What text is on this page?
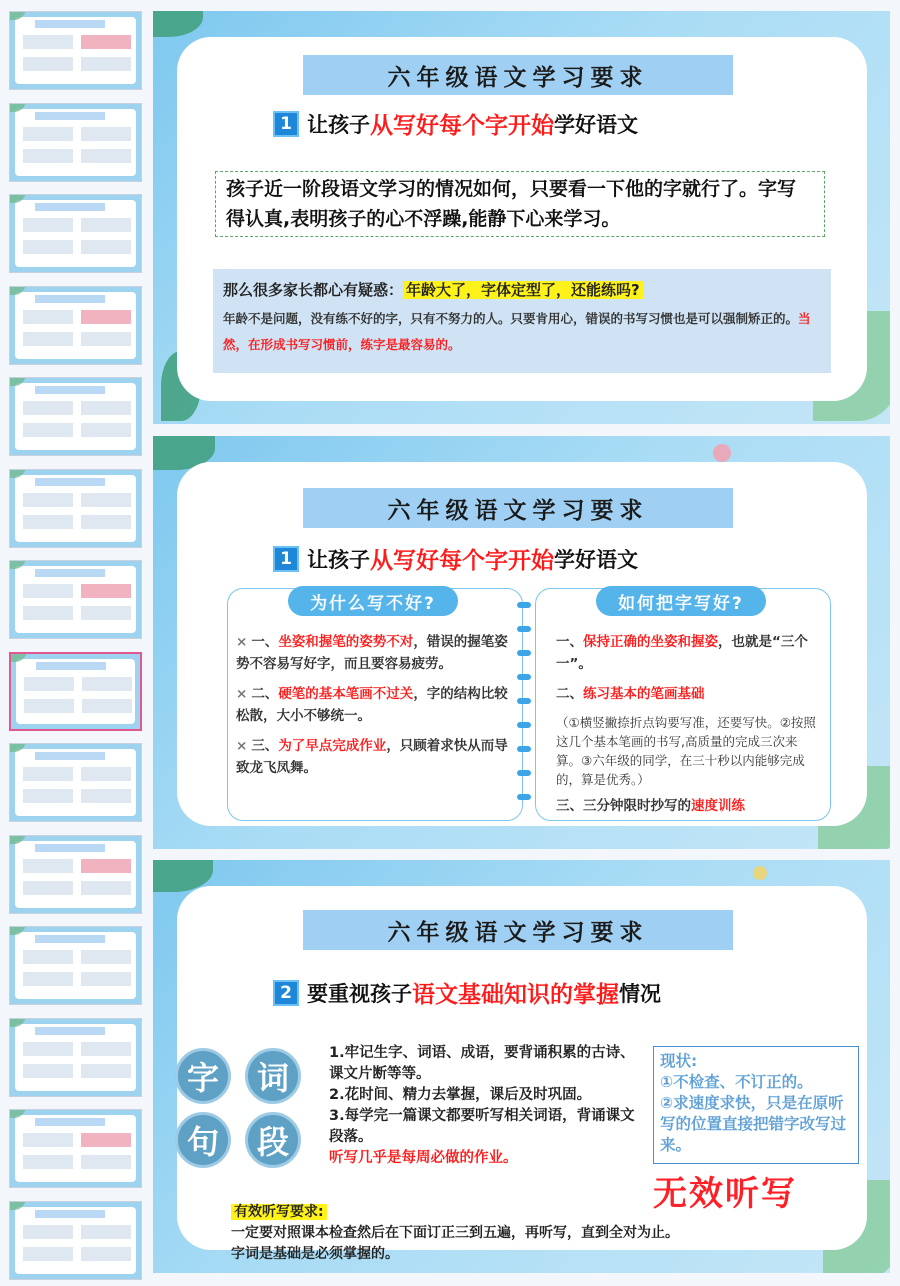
六年级语文学习要求
1 让孩子 从写好每个字开始 学好语文
孩子近一阶段语文学习的情况如何，只要看一下他的字就行了。字写得认真,表明孩子的心不浮躁,能静下心来学习。
那么很多家长都心有疑惑： 年龄大了，字体定型了，还能练吗?
年龄不是问题，没有练不好的字，只有不努力的人。只要肯用心，错误的书写习惯也是可以强制矫正的。当然，在形成书写习惯前，练字是最容易的。
六年级语文学习要求
1 让孩子 从写好每个字开始 学好语文
为什么写不好?
× 一、坐姿和握笔的姿势不对，错误的握笔姿势不容易写好字，而且要容易疲劳。
× 二、硬笔的基本笔画不过关，字的结构比较松散，大小不够统一。
× 三、为了早点完成作业，只顾着求快从而导致龙飞凤舞。
如何把字写好?
一、保持正确的坐姿和握姿，也就是“三个一”。
二、练习基本的笔画基础
（①横竖撇捺折点钩要写准，还要写快。②按照这几个基本笔画的书写,高质量的完成三次来算。③六年级的同学，在三十秒以内能够完成的，算是优秀。）
三、三分钟限时抄写的速度训练
六年级语文学习要求
2 要重视孩子 语文基础知识的掌握 情况
字	词
句	段
1.牢记生字、词语、成语，要背诵积累的古诗、课文片断等等。
2.花时间、精力去掌握，课后及时巩固。
3.每学完一篇课文都要听写相关词语，背诵课文段落。
听写几乎是每周必做的作业。
现状:
①不检查、不订正的。
②求速度求快，只是在原听写的位置直接把错字改写过来。
无效听写
有效听写要求:
一定要对照课本检查然后在下面订正三到五遍，再听写，直到全对为止。
字词是基础是必须掌握的。
